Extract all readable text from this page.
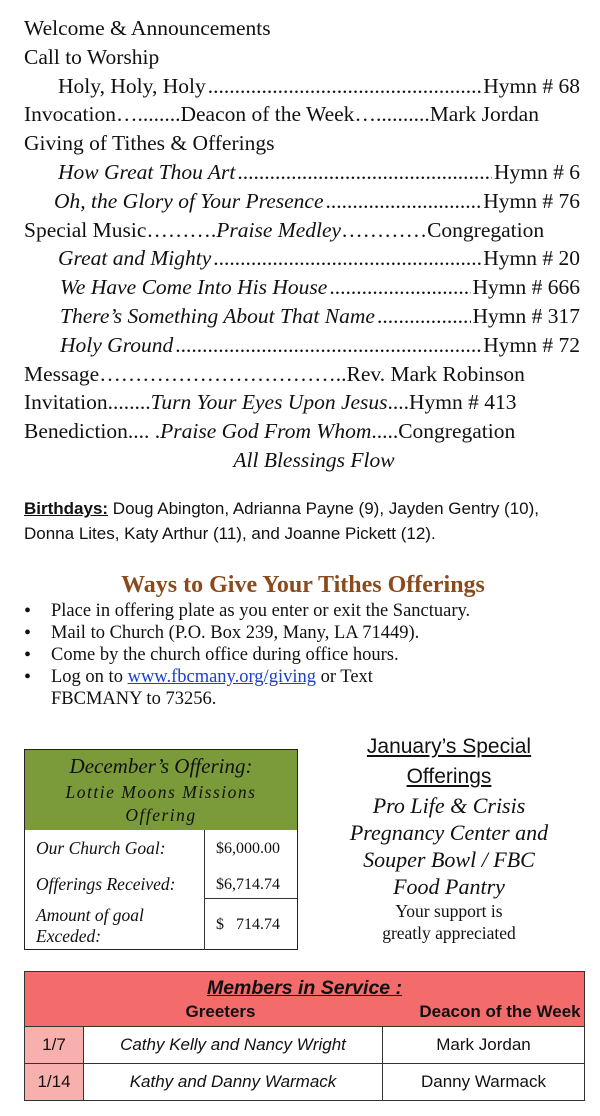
Welcome & Announcements
Call to Worship
Holy, Holy, Holy .....	Hymn # 68
Invocation …........ Deacon of the Week ….......... Mark Jordan
Giving of Tithes & Offerings
How Great Thou Art .....	Hymn # 6
Oh, the Glory of Your Presence .....	Hymn # 76
Special Music ………. Praise Medley ………… Congregation
Great and Mighty .....	Hymn # 20
We Have Come Into His House .....	Hymn # 666
There’s Something About That Name .....	Hymn # 317
Holy Ground .....	Hymn # 72
Message …………………………….. Rev. Mark Robinson
Invitation ........ Turn Your Eyes Upon Jesus .... Hymn # 413
Benediction .... . Praise God From Whom ..... Congregation
All Blessings Flow
Birthdays: Doug Abington, Adrianna Payne (9), Jayden Gentry (10),
Donna Lites, Katy Arthur (11), and Joanne Pickett (12).
Ways to Give Your Tithes Offerings
• Place in offering plate as you enter or exit the Sanctuary.
• Mail to Church (P.O. Box 239, Many, LA 71449).
• Come by the church office during office hours.
• Log on to www.fbcmany.org/giving or Text
FBCMANY to 73256.
December’s Offering:
Lottie Moons Missions
Offering
Our Church Goal:	$6,000.00
Offerings Received:	$6,714.74
Amount of goal
Exceded:
$   714.74
January’s Special
Offerings
Pro Life & Crisis
Pregnancy Center and
Souper Bowl / FBC
Food Pantry
Your support is
greatly appreciated
Members in Service :
Greeters Deacon of the Week		

1/7	Cathy Kelly and Nancy Wright	Mark Jordan
1/14	Kathy and Danny Warmack	Danny Warmack
